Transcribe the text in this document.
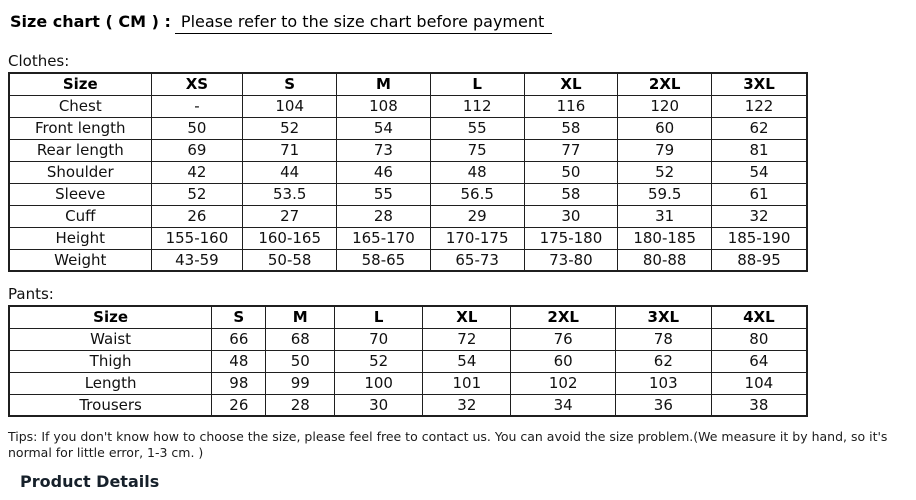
Size chart ( CM ) : Please refer to the size chart before payment
Clothes:
Size	XS	S	M	L	XL	2XL	3XL
Chest	-	104	108	112	116	120	122
Front length	50	52	54	55	58	60	62
Rear length	69	71	73	75	77	79	81
Shoulder	42	44	46	48	50	52	54
Sleeve	52	53.5	55	56.5	58	59.5	61
Cuff	26	27	28	29	30	31	32
Height	155-160	160-165	165-170	170-175	175-180	180-185	185-190
Weight	43-59	50-58	58-65	65-73	73-80	80-88	88-95
Pants:
Size	S	M	L	XL	2XL	3XL	4XL
Waist	66	68	70	72	76	78	80
Thigh	48	50	52	54	60	62	64
Length	98	99	100	101	102	103	104
Trousers	26	28	30	32	34	36	38
Tips: If you don't know how to choose the size, please feel free to contact us. You can avoid the size problem.(We measure it by hand, so it's normal for little error, 1-3 cm. )
Product Details
